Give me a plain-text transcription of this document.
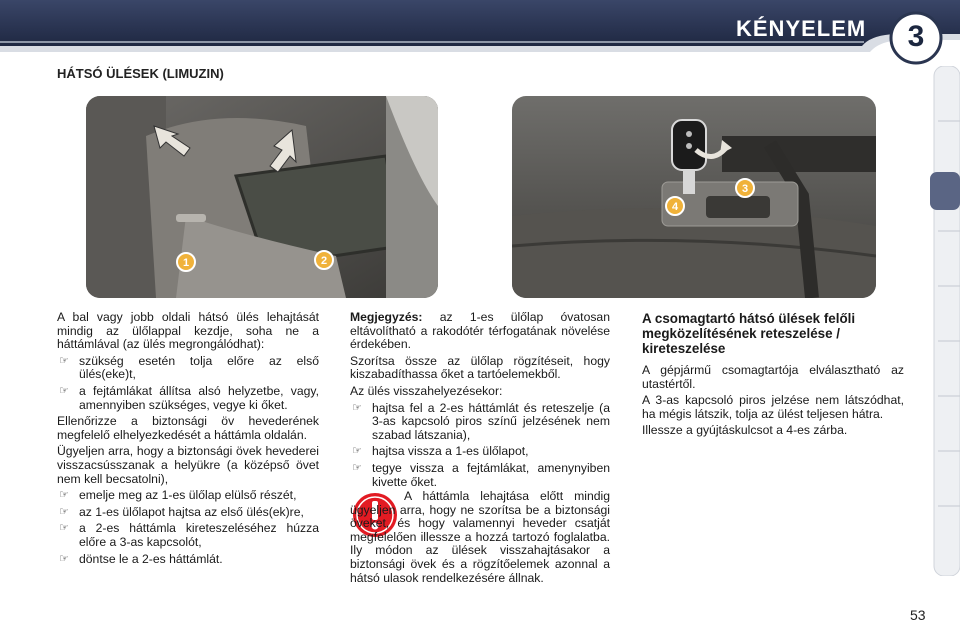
KÉNYELEM	3
HÁTSÓ ÜLÉSEK (LIMUZIN)
1	2
3
4

A bal vagy jobb oldali hátsó ülés lehajtását mindig az ülőlappal kezdje, soha ne a háttámlával (az ülés megrongálódhat):

☞ szükség esetén tolja előre az első ülés(eke)t,
☞ a fejtámlákat állítsa alsó helyzetbe, vagy, amennyiben szükséges, vegye ki őket.

Ellenőrizze a biztonsági öv hevederének megfelelő elhelyezkedését a háttámla oldalán.

Ügyeljen arra, hogy a biztonsági övek hevederei visszacsússzanak a helyükre (a középső övet nem kell becsatolni),

☞ emelje meg az 1-es ülőlap elülső részét,
☞ az 1-es ülőlapot hajtsa az első ülés(ek)re,
☞ a 2-es háttámla kireteszeléséhez húzza előre a 3-as kapcsolót,
☞ döntse le a 2-es háttámlát.

Megjegyzés: az 1-es ülőlap óvatosan eltávolítható a rakodótér térfogatának növelése érdekében.

Szorítsa össze az ülőlap rögzítéseit, hogy kiszabadíthassa őket a tartóelemekből.

Az ülés visszahelyezésekor:

☞ hajtsa fel a 2-es háttámlát és reteszelje (a 3-as kapcsoló piros színű jelzésének nem szabad látszania),
☞ hajtsa vissza a 1-es ülőlapot,
☞ tegye vissza a fejtámlákat, amenynyiben kivette őket.

A háttámla lehajtása előtt mindig ügyeljen arra, hogy ne szorítsa be a biztonsági öveket, és hogy valamennyi heveder csatját megfelelően illessze a hozzá tartozó foglalatba. Ily módon az ülések visszahajtásakor a biztonsági övek és a rögzítőelemek azonnal a hátsó ulasok rendelkezésére állnak.

A csomagtartó hátsó ülések felőli megközelítésének reteszelése / kireteszelése

A gépjármű csomagtartója elválasztható az utastértől.

A 3-as kapcsoló piros jelzése nem látszódhat, ha mégis látszik, tolja az ülést teljesen hátra.

Illessze a gyújtáskulcsot a 4-es zárba.

53
